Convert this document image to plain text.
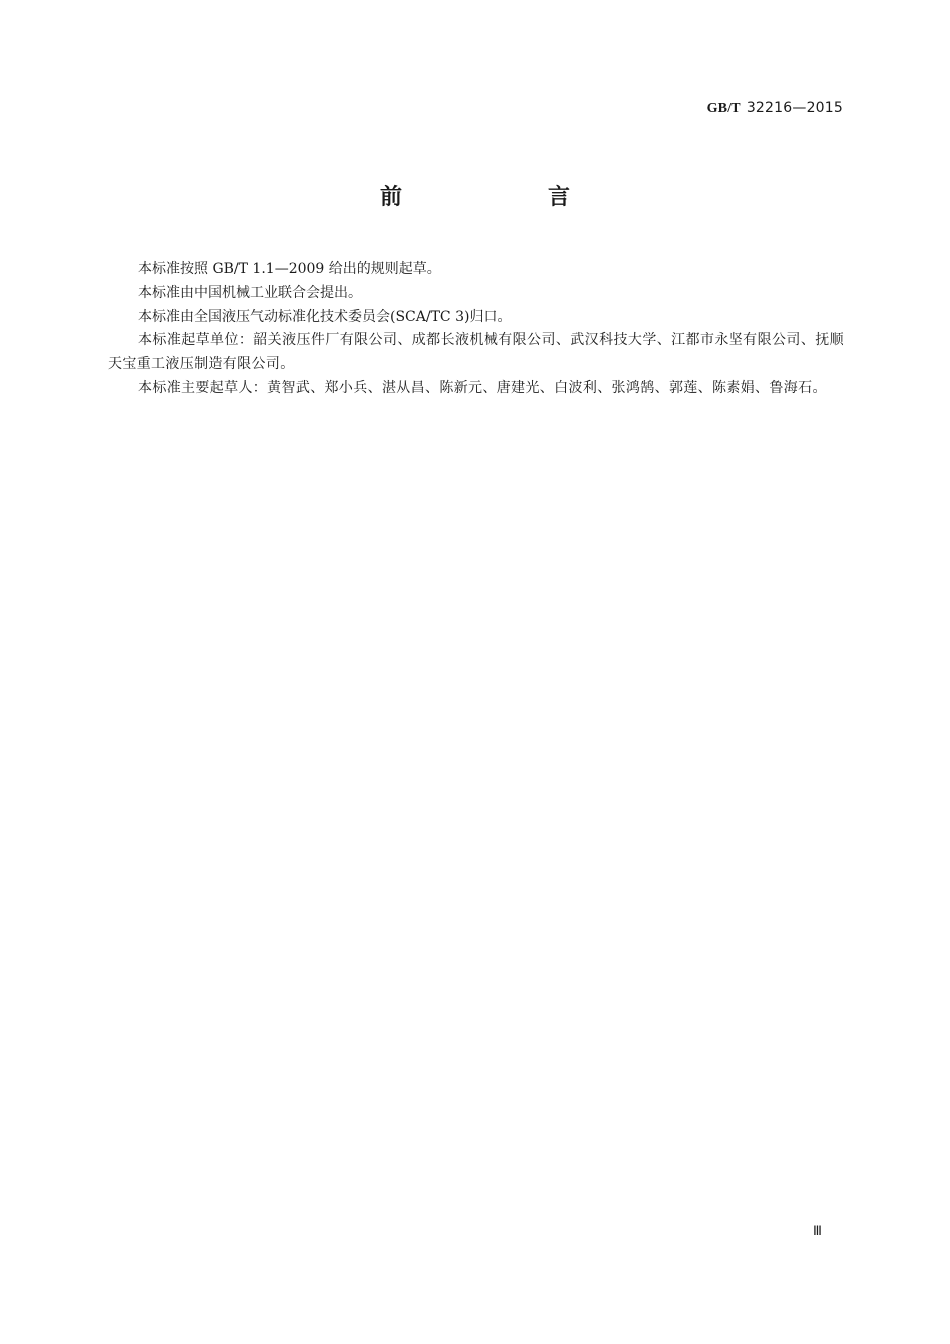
GB/T 32216—2015
前　言

本标准按照 GB/T 1.1—2009 给出的规则起草。

本标准由中国机械工业联合会提出。

本标准由全国液压气动标准化技术委员会(SCA/TC 3)归口。

本标准起草单位：韶关液压件厂有限公司、成都长液机械有限公司、武汉科技大学、江都市永坚有限公司、抚顺天宝重工液压制造有限公司。

本标准主要起草人：黄智武、郑小兵、湛从昌、陈新元、唐建光、白波利、张鸿鹄、郭莲、陈素娟、鲁海石。

Ⅲ
